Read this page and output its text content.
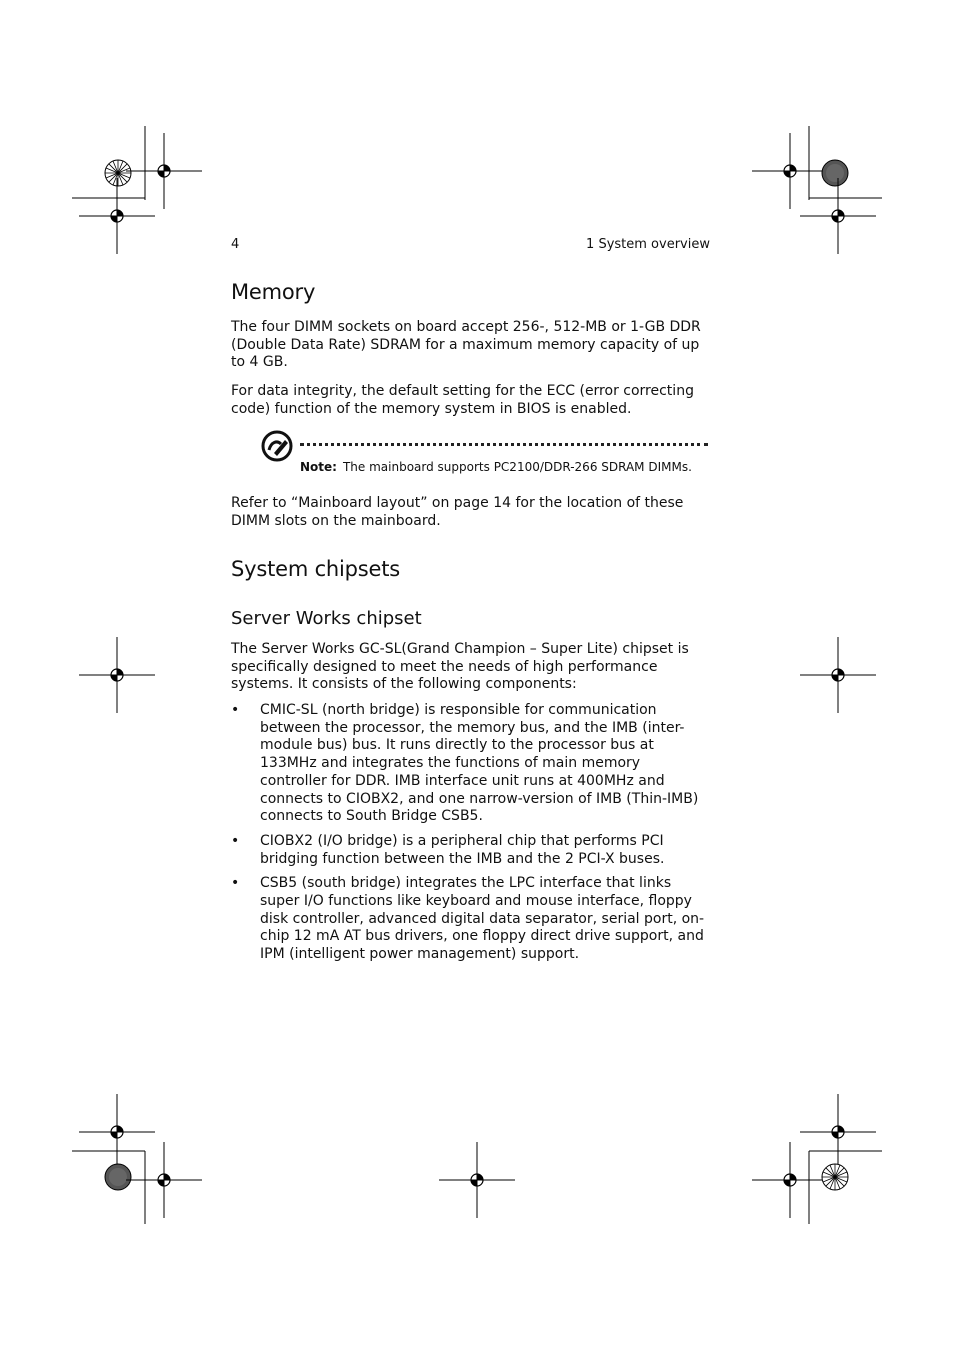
4	1 System overview
Memory

The four DIMM sockets on board accept 256-, 512-MB or 1-GB DDR (Double Data Rate) SDRAM for a maximum memory capacity of up to 4 GB.

For data integrity, the default setting for the ECC (error correcting code) function of the memory system in BIOS is enabled.

Note: The mainboard supports PC2100/DDR-266 SDRAM DIMMs.

Refer to “Mainboard layout” on page 14 for the location of these DIMM slots on the mainboard.

System chipsets
Server Works chipset

The Server Works GC-SL(Grand Champion – Super Lite) chipset is specifically designed to meet the needs of high performance systems. It consists of the following components:

• CMIC-SL (north bridge) is responsible for communication between the processor, the memory bus, and the IMB (inter-module bus) bus. It runs directly to the processor bus at 133MHz and integrates the functions of main memory controller for DDR. IMB interface unit runs at 400MHz and connects to CIOBX2, and one narrow-version of IMB (Thin-IMB) connects to South Bridge CSB5.
• CIOBX2 (I/O bridge) is a peripheral chip that performs PCI bridging function between the IMB and the 2 PCI-X buses.
• CSB5 (south bridge) integrates the LPC interface that links super I/O functions like keyboard and mouse interface, floppy disk controller, advanced digital data separator, serial port, on-chip 12 mA AT bus drivers, one floppy direct drive support, and IPM (intelligent power management) support.
